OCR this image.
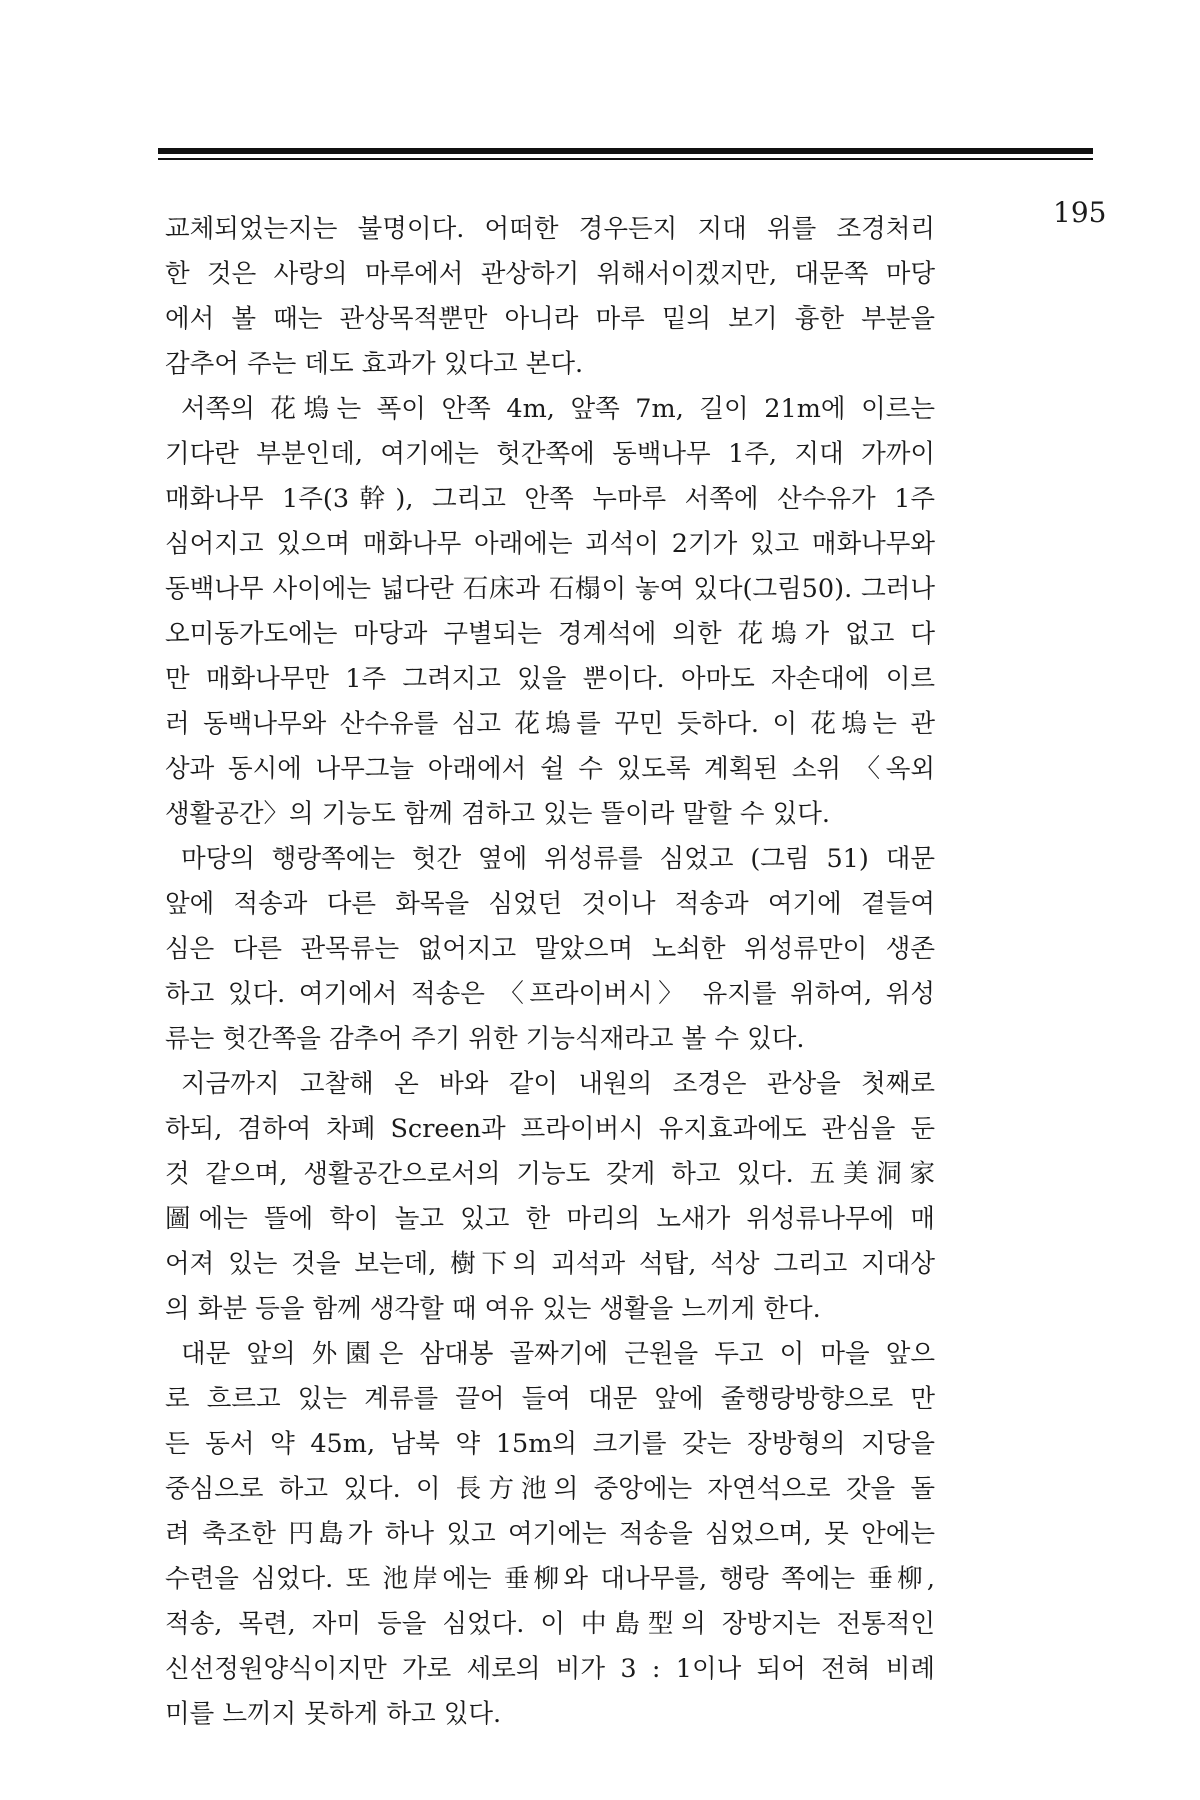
195
교체되었는지는 불명이다. 어떠한 경우든지 지대 위를 조경처리
한 것은 사랑의 마루에서 관상하기 위해서이겠지만, 대문쪽 마당
에서 볼 때는 관상목적뿐만 아니라 마루 밑의 보기 흉한 부분을
감추어 주는 데도 효과가 있다고 본다.
서쪽의 花塢는 폭이 안쪽 4m, 앞쪽 7m, 길이 21m에 이르는
기다란 부분인데, 여기에는 헛간쪽에 동백나무 1주, 지대 가까이
매화나무 1주(3幹), 그리고 안쪽 누마루 서쪽에 산수유가 1주
심어지고 있으며 매화나무 아래에는 괴석이 2기가 있고 매화나무와
동백나무 사이에는 넓다란 石床과 石榻이 놓여 있다(그림50). 그러나
오미동가도에는 마당과 구별되는 경계석에 의한 花塢가 없고 다
만 매화나무만 1주 그려지고 있을 뿐이다. 아마도 자손대에 이르
러 동백나무와 산수유를 심고 花塢를 꾸민 듯하다. 이 花塢는 관
상과 동시에 나무그늘 아래에서 쉴 수 있도록 계획된 소위 〈옥외
생활공간〉의 기능도 함께 겸하고 있는 뜰이라 말할 수 있다.
마당의 행랑쪽에는 헛간 옆에 위성류를 심었고 (그림 51) 대문
앞에 적송과 다른 화목을 심었던 것이나 적송과 여기에 곁들여
심은 다른 관목류는 없어지고 말았으며 노쇠한 위성류만이 생존
하고 있다. 여기에서 적송은 〈프라이버시〉 유지를 위하여, 위성
류는 헛간쪽을 감추어 주기 위한 기능식재라고 볼 수 있다.
지금까지 고찰해 온 바와 같이 내원의 조경은 관상을 첫째로
하되, 겸하여 차폐 Screen과 프라이버시 유지효과에도 관심을 둔
것 같으며, 생활공간으로서의 기능도 갖게 하고 있다. 五美洞家
圖에는 뜰에 학이 놀고 있고 한 마리의 노새가 위성류나무에 매
어져 있는 것을 보는데, 樹下의 괴석과 석탑, 석상 그리고 지대상
의 화분 등을 함께 생각할 때 여유 있는 생활을 느끼게 한다.
대문 앞의 外園은 삼대봉 골짜기에 근원을 두고 이 마을 앞으
로 흐르고 있는 계류를 끌어 들여 대문 앞에 줄행랑방향으로 만
든 동서 약 45m, 남북 약 15m의 크기를 갖는 장방형의 지당을
중심으로 하고 있다. 이 長方池의 중앙에는 자연석으로 갓을 돌
려 축조한 円島가 하나 있고 여기에는 적송을 심었으며, 못 안에는
수련을 심었다. 또 池岸에는 垂柳와 대나무를, 행랑 쪽에는 垂柳,
적송, 목련, 자미 등을 심었다. 이 中島型의 장방지는 전통적인
신선정원양식이지만 가로 세로의 비가 3 : 1이나 되어 전혀 비례
미를 느끼지 못하게 하고 있다.
